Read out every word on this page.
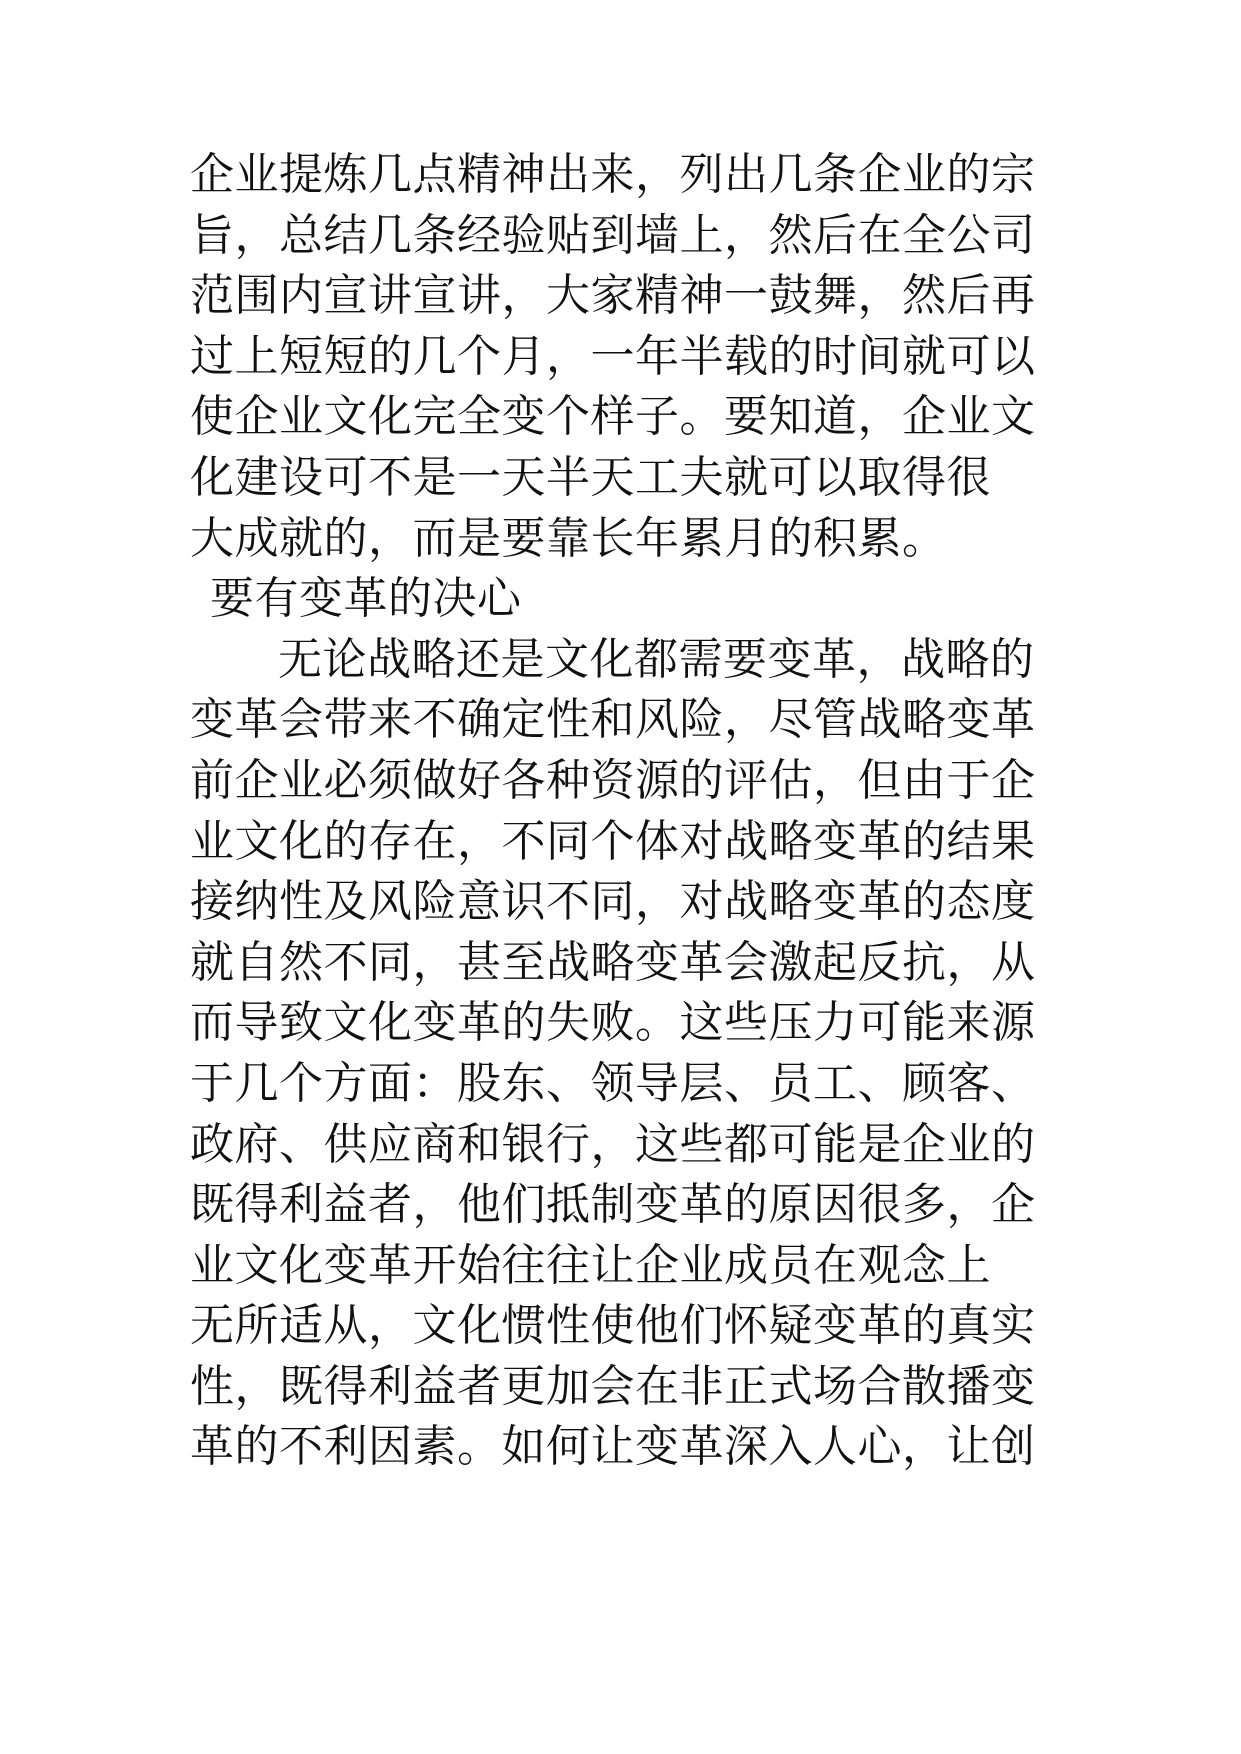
企业提炼几点精神出来，列出几条企业的宗
旨，总结几条经验贴到墙上，然后在全公司
范围内宣讲宣讲，大家精神一鼓舞，然后再
过上短短的几个月，一年半载的时间就可以
使企业文化完全变个样子。要知道，企业文
化建设可不是一天半天工夫就可以取得很
大成就的，而是要靠长年累月的积累。
要有变革的决心
无论战略还是文化都需要变革，战略的
变革会带来不确定性和风险，尽管战略变革
前企业必须做好各种资源的评估，但由于企
业文化的存在，不同个体对战略变革的结果
接纳性及风险意识不同，对战略变革的态度
就自然不同，甚至战略变革会激起反抗，从
而导致文化变革的失败。这些压力可能来源
于几个方面：股东、领导层、员工、顾客、
政府、供应商和银行，这些都可能是企业的
既得利益者，他们抵制变革的原因很多，企
业文化变革开始往往让企业成员在观念上
无所适从，文化惯性使他们怀疑变革的真实
性，既得利益者更加会在非正式场合散播变
革的不利因素。如何让变革深入人心，让创
